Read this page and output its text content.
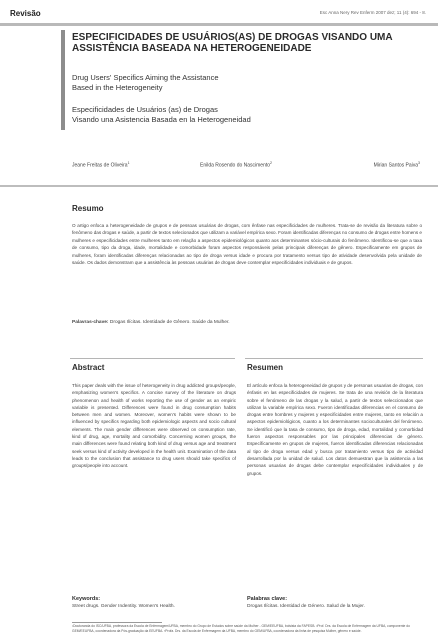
Revisão	Esc Anna Nery Rev Enferm 2007 dez; 11 (4): 694 - 8.
ESPECIFICIDADES DE USUÁRIOS(AS) DE DROGAS VISANDO UMA ASSISTÊNCIA BASEADA NA HETEROGENEIDADE
Drug Users' Specifics Aiming the Assistance
Based in the Heterogeneity
Especificidades de Usuários (as) de Drogas
Visando una Asistencia Basada en la Heterogeneidad
Jeane Freitas de Oliveira$^1$	Enilda Rosendo do Nascimento$^2$	Mirian Santos Paiva$^3$
Resumo

O artigo enfoca a heterogeneidade de grupos e de pessoas usuárias de drogas, com ênfase nas especificidades de mulheres. Trata-se de revisão da literatura sobre o fenômeno das drogas e saúde, a partir de textos selecionados que utilizam a variável empírica sexo. Foram identificadas diferenças no consumo de drogas entre homens e mulheres e especificidades entre mulheres tanto em relação a aspectos epidemiológicos quanto aos determinantes sócio-culturais do fenômeno. Identificou-se que a taxa de consumo, tipo da droga, idade, mortalidade e comorbidade foram aspectos responsáveis pelas principais diferenças de gênero. Especificamente em grupos de mulheres, foram identificadas diferenças relacionadas ao tipo de droga versus idade e procura por tratamento versus tipo de atividade desenvolvida pela unidade de saúde. Os dados demonstram que a assistência às pessoas usuárias de drogas deve contemplar especificidades individuais e de grupos.

Palavras-chave: Drogas Ilícitas. Identidade de Gênero. Saúde da Mulher.

Abstract	Resumen

This paper deals with the issue of heterogeneity in drug addicted groups/people, emphasizing women's specifics. A concise survey of the literature on drugs phenomenon and health of works reporting the use of gender as an empiric variable is presented. Differences were found in drug consumption habits between men and women. Moreover, women's habits were shown to be influenced by specifics regarding both epidemiologic aspects and socio cultural elements. The main gender differences were observed on consumption rate, kind of drug, age, mortality and comorbidity. Concerning women groups, the main differences were found relating both kind of drug versus age and treatment seek versus kind of activity developed in the health unit. Examination of the data leads to the conclusion that assistance to drug users should take specifics of groups/people into account.

El artículo enfoca la heterogeneidad de grupos y de personas usuarias de drogas, con énfasis en las especificidades de mujeres. Se trata de una revisión de la literatura sobre el fenómeno de las drogas y la salud, a partir de textos seleccionados que utilizan la variable empírica sexo. Fueron identificadas diferencias en el consumo de drogas entre hombres y mujeres y especificidades entre mujeres, tanto en relación a aspectos epidemiológicos, cuanto a los determinantes socioculturales del fenómeno. Se identificó que la tasa de consumo, tipo de droga, edad, mortalidad y comorbidad fueron aspectos responsables por las principales diferencias de género. Específicamente en grupos de mujeres, fueron identificadas diferencias relacionadas al tipo de droga versus edad y busca por tratamiento versus tipo de actividad desarrollada por la unidad de salud. Los datos demuestran que la asistencia a las personas usuarias de drogas debe contemplar especificidades individuales y de grupos.

Keywords:
Street drugs. Gender Indentity. Women's Health.
Palabras clave:
Drogas Ilícitas. Identidad de Género. Salud de la Mujer.

¹Doutoranda do ISC/UFBA, professora da Escola de Enfermagem/UFBA, membro do Grupo de Estudos sobre saúde da Mulher - GEM/EEUFBA, bolsista da FAPESB. ²Prof. Drs. da Escola de Enfermagem da UFBA, componente do GEM/EEUFBA, coordenadora da Pós-graduação da EEUFBA. ³Profa. Drs. da Escola de Enfermagem da UFBA, membro do GEM/UFBA, coordenadora da linha de pesquisa Mulher, gênero e saúde.
